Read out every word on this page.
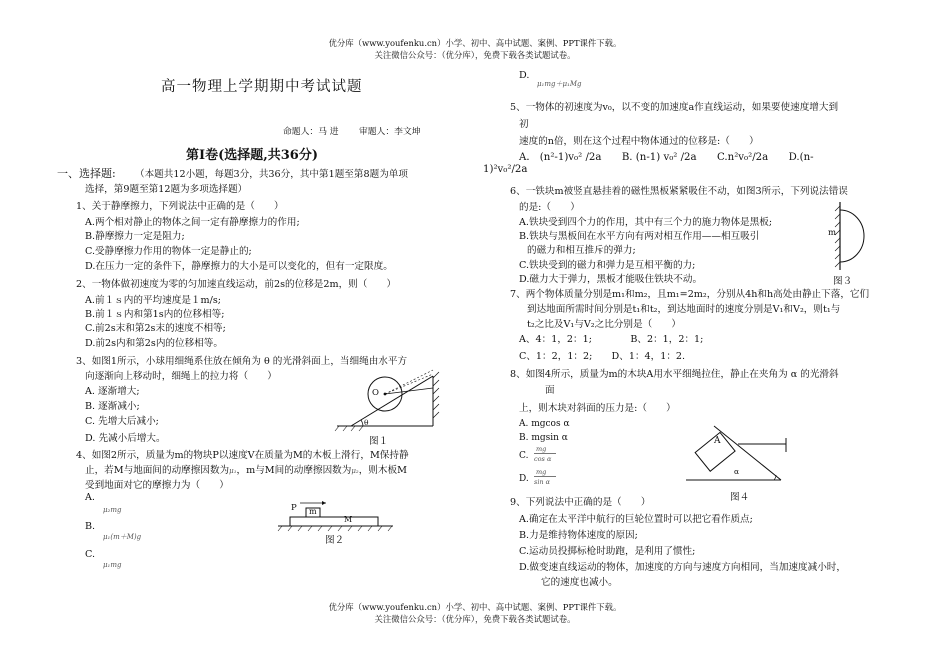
优分库（www.youfenku.cn）小学、初中、高中试题、案例、PPT课件下载。
关注微信公众号：（优分库），免费下载各类试题试卷。
优分库（www.youfenku.cn）小学、初中、高中试题、案例、PPT课件下载。
关注微信公众号：（优分库），免费下载各类试题试卷。
高一物理上学期期中考试试题
命题人：马 进　　 审题人：李文坤
第Ⅰ卷(选择题,共36分)
一、选择题: （本题共12小题，每题3分，共36分，其中第1题至第8题为单项
选择，第9题至第12题为多项选择题）
1、关于静摩擦力，下列说法中正确的是（　　）
A.两个相对静止的物体之间一定有静摩擦力的作用;
B.静摩擦力一定是阻力;
C.受静摩擦力作用的物体一定是静止的;
D.在压力一定的条件下，静摩擦力的大小是可以变化的，但有一定限度。
2、一物体做初速度为零的匀加速直线运动，前2s的位移是2m，则（　　）
A.前１ｓ内的平均速度是１m/s;
B.前１ｓ内和第1s内的位移相等;
C.前2s末和第2s末的速度不相等;
D.前2s内和第2s内的位移相等。
3、如图1所示，小球用细绳系住放在倾角为 θ 的光滑斜面上，当细绳由水平方
向逐渐向上移动时，细绳上的拉力将（　　）
A. 逐渐增大;
B. 逐渐减小;
C. 先增大后减小;
D. 先减小后增大。
O
θ
图１
4、如图2所示，质量为m的物块P以速度V在质量为M的木板上滑行，M保持静
止，若M与地面间的动摩擦因数为μ₁，m与M间的动摩擦因数为μ₂，则木板M
受到地面对它的摩擦力为（　　）
A.
μ₂mg
B.
μ₁(m＋M)g
C.
μ₁mg
P m
M
图２
D.
μ₁mg＋μ₁Mg
5、一物体的初速度为v₀，以不变的加速度a作直线运动，如果要使速度增大到
初
速度的n倍，则在这个过程中物体通过的位移是:（　　）
A． (n²-1)v₀² /2a　　B. (n-1) v₀² /2a　　C.n²v₀²/2a　　D.(n-
1)²v₀²/2a
6、一铁块m被竖直悬挂着的磁性黑板紧紧吸住不动，如图3所示，下列说法错误
的是:（　　）
A.铁块受到四个力的作用，其中有三个力的施力物体是黑板;
B.铁块与黑板间在水平方向有两对相互作用——相互吸引
的磁力和相互推斥的弹力;
C.铁块受到的磁力和弹力是互相平衡的力;
D.磁力大于弹力，黑板才能吸住铁块不动。
m
图３
7、两个物体质量分别是m₁和m₂，且m₁=2m₂，分别从4h和h高处由静止下落，它们
到达地面所需时间分别是t₁和t₂，到达地面时的速度分别是V₁和V₂，则t₁与
t₂之比及V₁与V₂之比分别是（　　）
A、4：1，2：1;　　　　B、2：1，2：1;
C、1：2，1：2;　　D、1：4，1：2.
8、如图4所示，质量为m的木块A用水平细绳拉住，静止在夹角为 α 的光滑斜
面
上，则木块对斜面的压力是:（　　）
A. mgcos α
B. mgsin α
C.
mg
cos α
D.
mg
sin α
A
α
图４
9、下列说法中正确的是（　　）
A.确定在太平洋中航行的巨轮位置时可以把它看作质点;
B.力是维持物体速度的原因;
C.运动员投掷标枪时助跑，是利用了惯性;
D.做变速直线运动的物体，加速度的方向与速度方向相同，当加速度减小时，
它的速度也减小。
